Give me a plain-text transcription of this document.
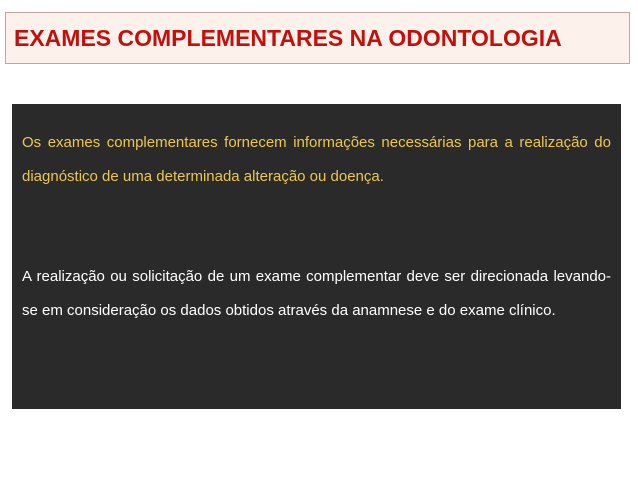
EXAMES COMPLEMENTARES NA ODONTOLOGIA

Os exames complementares fornecem informações necessárias para a realização do diagnóstico de uma determinada alteração ou doença.

A realização ou solicitação de um exame complementar deve ser direcionada levando-se em consideração os dados obtidos através da anamnese e do exame clínico.
